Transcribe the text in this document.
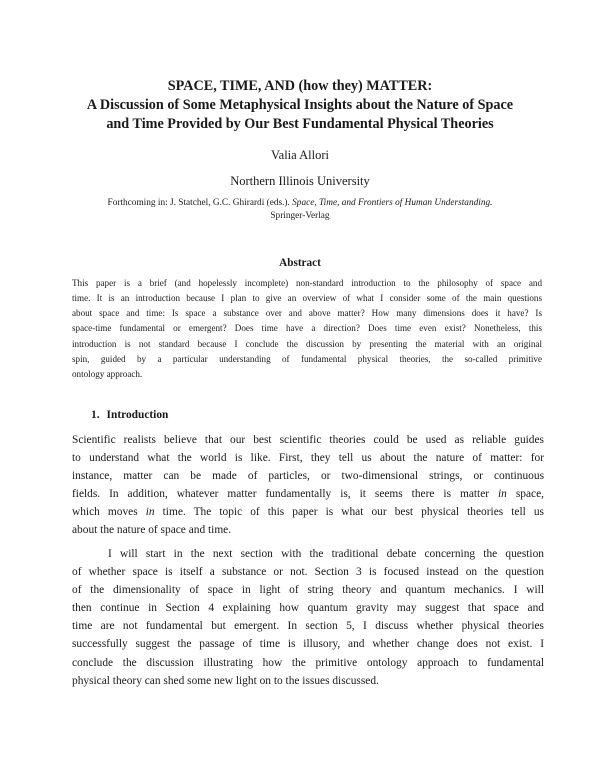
SPACE, TIME, AND (how they) MATTER:
A Discussion of Some Metaphysical Insights about the Nature of Space
and Time Provided by Our Best Fundamental Physical Theories
Valia Allori
Northern Illinois University
Forthcoming in: J. Statchel, G.C. Ghirardi (eds.). Space, Time, and Frontiers of Human Understanding.
Springer-Verlag
Abstract
This paper is a brief (and hopelessly incomplete) non-standard introduction to the philosophy of space and
time. It is an introduction because I plan to give an overview of what I consider some of the main questions
about space and time: Is space a substance over and above matter? How many dimensions does it have? Is
space-time fundamental or emergent? Does time have a direction? Does time even exist? Nonetheless, this
introduction is not standard because I conclude the discussion by presenting the material with an original
spin, guided by a particular understanding of fundamental physical theories, the so-called primitive
ontology approach.
1. Introduction
Scientific realists believe that our best scientific theories could be used as reliable guides
to understand what the world is like. First, they tell us about the nature of matter: for
instance, matter can be made of particles, or two-dimensional strings, or continuous
fields. In addition, whatever matter fundamentally is, it seems there is matter in space,
which moves in time. The topic of this paper is what our best physical theories tell us
about the nature of space and time.
I will start in the next section with the traditional debate concerning the question
of whether space is itself a substance or not. Section 3 is focused instead on the question
of the dimensionality of space in light of string theory and quantum mechanics. I will
then continue in Section 4 explaining how quantum gravity may suggest that space and
time are not fundamental but emergent. In section 5, I discuss whether physical theories
successfully suggest the passage of time is illusory, and whether change does not exist. I
conclude the discussion illustrating how the primitive ontology approach to fundamental
physical theory can shed some new light on to the issues discussed.
